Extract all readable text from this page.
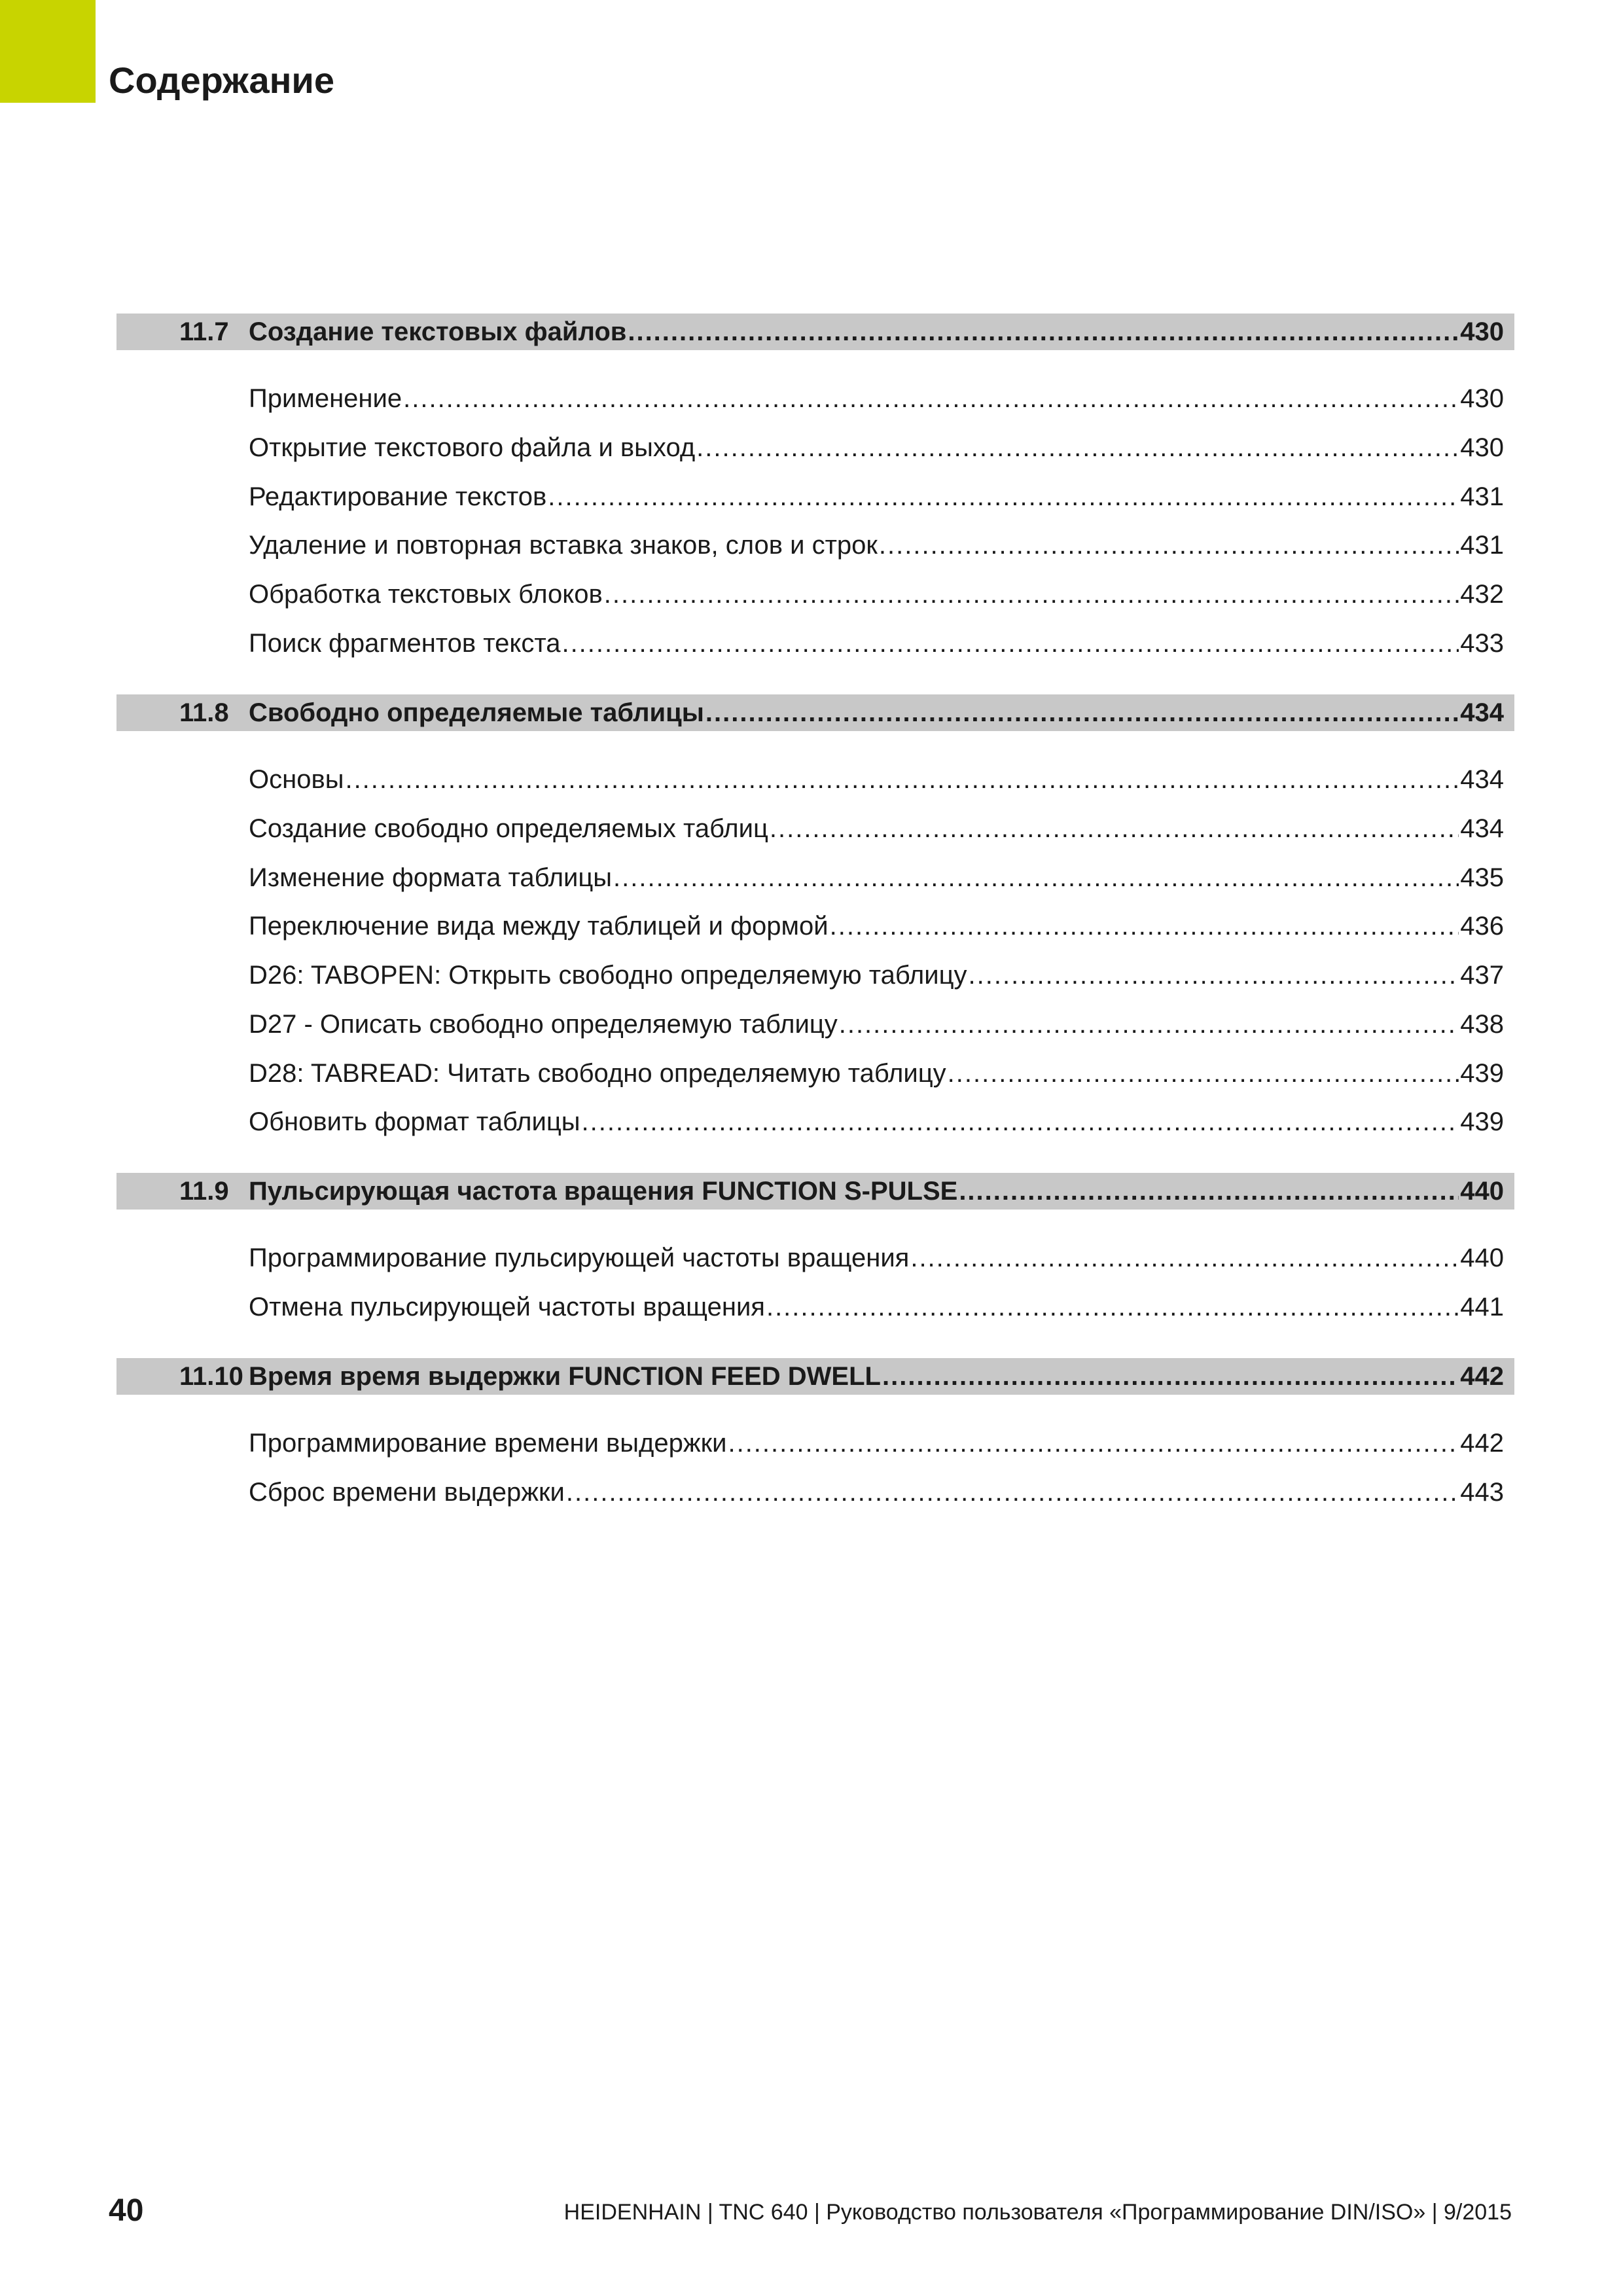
Содержание
11.7 Создание текстовых файлов .....	430
Применение .....	430
Открытие текстового файла и выход .....	430
Редактирование текстов .....	431
Удаление и повторная вставка знаков, слов и строк .....	431
Обработка текстовых блоков .....	432
Поиск фрагментов текста .....	433
11.8 Свободно определяемые таблицы .....	434
Основы .....	434
Создание свободно определяемых таблиц .....	434
Изменение формата таблицы .....	435
Переключение вида между таблицей и формой .....	436
D26: TABOPEN: Открыть свободно определяемую таблицу .....	437
D27 - Описать свободно определяемую таблицу .....	438
D28: TABREAD: Читать свободно определяемую таблицу .....	439
Обновить формат таблицы .....	439
11.9 Пульсирующая частота вращения FUNCTION S-PULSE .....	440
Программирование пульсирующей частоты вращения .....	440
Отмена пульсирующей частоты вращения .....	441
11.10 Время время выдержки FUNCTION FEED DWELL .....	442
Программирование времени выдержки .....	442
Сброс времени выдержки .....	443
40	HEIDENHAIN | TNC 640 | Руководство пользователя «Программирование DIN/ISO» | 9/2015
